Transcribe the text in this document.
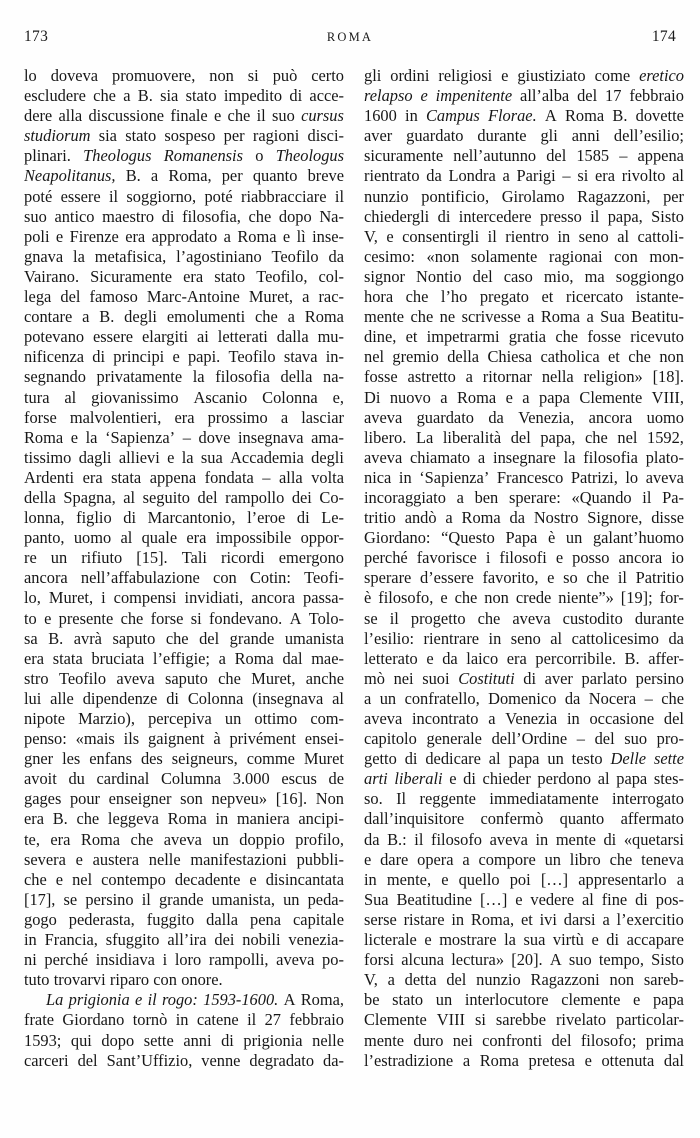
173	ROMA	174
lo doveva promuovere, non si può certo
escludere che a B. sia stato impedito di acce-
dere alla discussione finale e che il suo cursus
studiorum sia stato sospeso per ragioni disci-
plinari. Theologus Romanensis o Theologus
Neapolitanus, B. a Roma, per quanto breve
poté essere il soggiorno, poté riabbracciare il
suo antico maestro di filosofia, che dopo Na-
poli e Firenze era approdato a Roma e lì inse-
gnava la metafisica, l’agostiniano Teofilo da
Vairano. Sicuramente era stato Teofilo, col-
lega del famoso Marc-Antoine Muret, a rac-
contare a B. degli emolumenti che a Roma
potevano essere elargiti ai letterati dalla mu-
nificenza di principi e papi. Teofilo stava in-
segnando privatamente la filosofia della na-
tura al giovanissimo Ascanio Colonna e,
forse malvolentieri, era prossimo a lasciar
Roma e la ‘Sapienza’ – dove insegnava ama-
tissimo dagli allievi e la sua Accademia degli
Ardenti era stata appena fondata – alla volta
della Spagna, al seguito del rampollo dei Co-
lonna, figlio di Marcantonio, l’eroe di Le-
panto, uomo al quale era impossibile oppor-
re un rifiuto [15]. Tali ricordi emergono
ancora nell’affabulazione con Cotin: Teofi-
lo, Muret, i compensi invidiati, ancora passa-
to e presente che forse si fondevano. A Tolo-
sa B. avrà saputo che del grande umanista
era stata bruciata l’effigie; a Roma dal mae-
stro Teofilo aveva saputo che Muret, anche
lui alle dipendenze di Colonna (insegnava al
nipote Marzio), percepiva un ottimo com-
penso: «mais ils gaignent à privément ensei-
gner les enfans des seigneurs, comme Muret
avoit du cardinal Columna 3.000 escus de
gages pour enseigner son nepveu» [16]. Non
era B. che leggeva Roma in maniera ancipi-
te, era Roma che aveva un doppio profilo,
severa e austera nelle manifestazioni pubbli-
che e nel contempo decadente e disincantata
[17], se persino il grande umanista, un peda-
gogo pederasta, fuggito dalla pena capitale
in Francia, sfuggito all’ira dei nobili venezia-
ni perché insidiava i loro rampolli, aveva po-
tuto trovarvi riparo con onore.
La prigionia e il rogo: 1593-1600. A Roma,
frate Giordano tornò in catene il 27 febbraio
1593; qui dopo sette anni di prigionia nelle
carceri del Sant’Uffizio, venne degradato da-
gli ordini religiosi e giustiziato come eretico
relapso e impenitente all’alba del 17 febbraio
1600 in Campus Florae. A Roma B. dovette
aver guardato durante gli anni dell’esilio;
sicuramente nell’autunno del 1585 – appena
rientrato da Londra a Parigi – si era rivolto al
nunzio pontificio, Girolamo Ragazzoni, per
chiedergli di intercedere presso il papa, Sisto
V, e consentirgli il rientro in seno al cattoli-
cesimo: «non solamente ragionai con mon-
signor Nontio del caso mio, ma soggiongo
hora che l’ho pregato et ricercato istante-
mente che ne scrivesse a Roma a Sua Beatitu-
dine, et impetrarmi gratia che fosse ricevuto
nel gremio della Chiesa catholica et che non
fosse astretto a ritornar nella religion» [18].
Di nuovo a Roma e a papa Clemente VIII,
aveva guardato da Venezia, ancora uomo
libero. La liberalità del papa, che nel 1592,
aveva chiamato a insegnare la filosofia plato-
nica in ‘Sapienza’ Francesco Patrizi, lo aveva
incoraggiato a ben sperare: «Quando il Pa-
tritio andò a Roma da Nostro Signore, disse
Giordano: “Questo Papa è un galant’huomo
perché favorisce i filosofi e posso ancora io
sperare d’essere favorito, e so che il Patritio
è filosofo, e che non crede niente”» [19]; for-
se il progetto che aveva custodito durante
l’esilio: rientrare in seno al cattolicesimo da
letterato e da laico era percorribile. B. affer-
mò nei suoi Costituti di aver parlato persino
a un confratello, Domenico da Nocera – che
aveva incontrato a Venezia in occasione del
capitolo generale dell’Ordine – del suo pro-
getto di dedicare al papa un testo Delle sette
arti liberali e di chieder perdono al papa stes-
so. Il reggente immediatamente interrogato
dall’inquisitore confermò quanto affermato
da B.: il filosofo aveva in mente di «quetarsi
e dare opera a compore un libro che teneva
in mente, e quello poi […] appresentarlo a
Sua Beatitudine […] e vedere al fine di pos-
serse ristare in Roma, et ivi darsi a l’exercitio
licterale e mostrare la sua virtù e di accapare
forsi alcuna lectura» [20]. A suo tempo, Sisto
V, a detta del nunzio Ragazzoni non sareb-
be stato un interlocutore clemente e papa
Clemente VIII si sarebbe rivelato particolar-
mente duro nei confronti del filosofo; prima
l’estradizione a Roma pretesa e ottenuta dal
